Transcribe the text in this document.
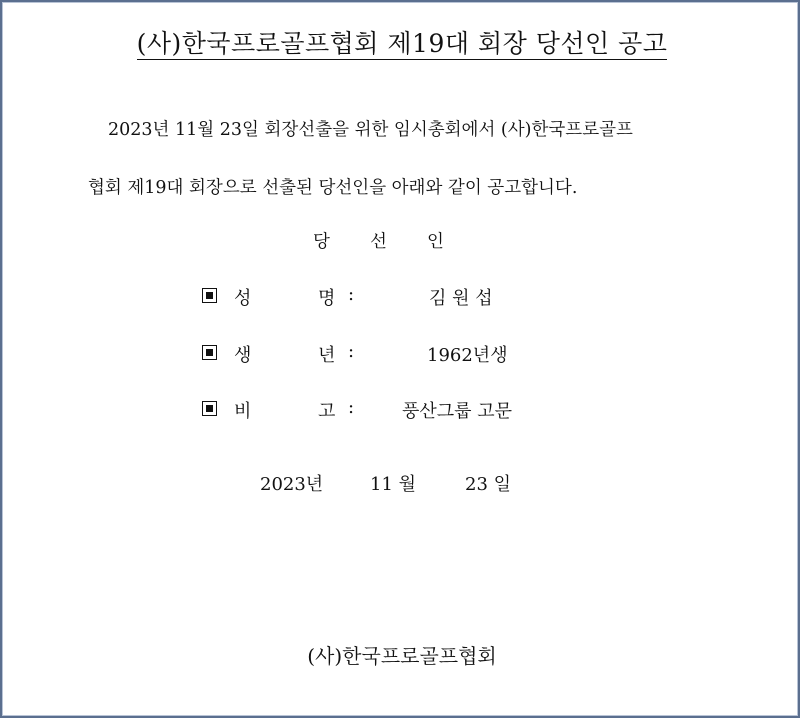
(사)한국프로골프협회 제19대 회장 당선인 공고
2023년 11월 23일 회장선출을 위한 임시총회에서 (사)한국프로골프
협회 제19대 회장으로 선출된 당선인을 아래와 같이 공고합니다.
당 선 인
성	명 :	김 원 섭
생	년 :	1962년생
비	고 :	풍산그룹 고문
2023년	11 월	23 일
(사)한국프로골프협회
